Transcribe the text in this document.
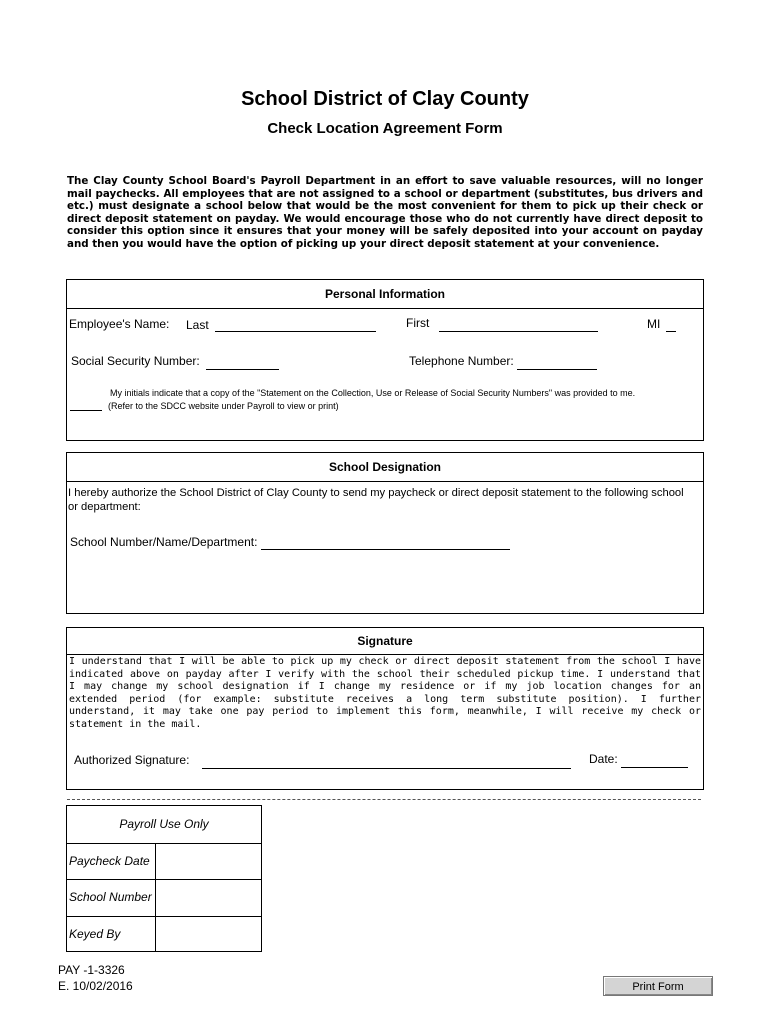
School District of Clay County
Check Location Agreement Form
The Clay County School Board's Payroll Department in an effort to save valuable resources, will no longer mail paychecks. All employees that are not assigned to a school or department (substitutes, bus drivers and etc.) must designate a school below that would be the most convenient for them to pick up their check or direct deposit statement on payday. We would encourage those who do not currently have direct deposit to consider this option since it ensures that your money will be safely deposited into your account on payday and then you would have the option of picking up your direct deposit statement at your convenience.
Personal Information
Employee's Name: Last	First	MI
Social Security Number:	Telephone Number:
My initials indicate that a copy of the "Statement on the Collection, Use or Release of Social Security Numbers" was provided to me.
(Refer to the SDCC website under Payroll to view or print)
School Designation
I hereby authorize the School District of Clay County to send my paycheck or direct deposit statement to the following school or department:
School Number/Name/Department:
Signature
I understand that I will be able to pick up my check or direct deposit statement from the school I have indicated above on payday after I verify with the school their scheduled pickup time. I understand that I may change my school designation if I change my residence or if my job location changes for an extended period (for example: substitute receives a long term substitute position). I further understand, it may take one pay period to implement this form, meanwhile, I will receive my check or statement in the mail.
Authorized Signature:	Date:
Payroll Use Only
Paycheck Date
School Number
Keyed By
PAY -1-3326
E. 10/02/2016	Print Form
